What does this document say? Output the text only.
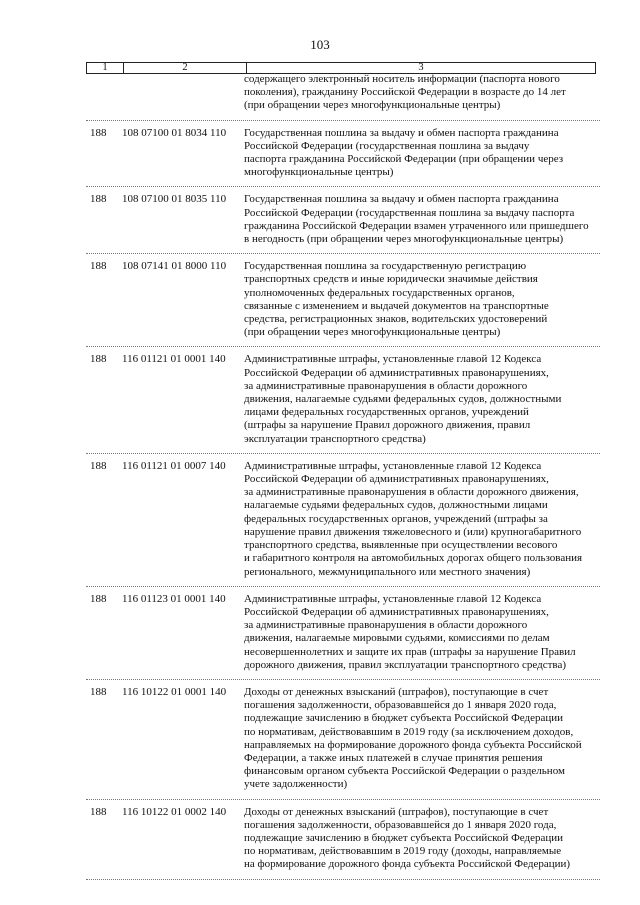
103
1	2	3
содержащего электронный носитель информации (паспорта нового
поколения), гражданину Российской Федерации в возрасте до 14 лет
(при обращении через многофункциональные центры)
188	108 07100 01 8034 110	Государственная пошлина за выдачу и обмен паспорта гражданина
Российской Федерации (государственная пошлина за выдачу
паспорта гражданина Российской Федерации (при обращении через
многофункциональные центры)
188	108 07100 01 8035 110	Государственная пошлина за выдачу и обмен паспорта гражданина
Российской Федерации (государственная пошлина за выдачу паспорта
гражданина Российской Федерации взамен утраченного или пришедшего
в негодность (при обращении через многофункциональные центры)
188	108 07141 01 8000 110	Государственная пошлина за государственную регистрацию
транспортных средств и иные юридически значимые действия
уполномоченных федеральных государственных органов,
связанные с изменением и выдачей документов на транспортные
средства, регистрационных знаков, водительских удостоверений
(при обращении через многофункциональные центры)
188	116 01121 01 0001 140	Административные штрафы, установленные главой 12 Кодекса
Российской Федерации об административных правонарушениях,
за административные правонарушения в области дорожного
движения, налагаемые судьями федеральных судов, должностными
лицами федеральных государственных органов, учреждений
(штрафы за нарушение Правил дорожного движения, правил
эксплуатации транспортного средства)
188	116 01121 01 0007 140	Административные штрафы, установленные главой 12 Кодекса
Российской Федерации об административных правонарушениях,
за административные правонарушения в области дорожного движения,
налагаемые судьями федеральных судов, должностными лицами
федеральных государственных органов, учреждений (штрафы за
нарушение правил движения тяжеловесного и (или) крупногабаритного
транспортного средства, выявленные при осуществлении весового
и габаритного контроля на автомобильных дорогах общего пользования
регионального, межмуниципального или местного значения)
188	116 01123 01 0001 140	Административные штрафы, установленные главой 12 Кодекса
Российской Федерации об административных правонарушениях,
за административные правонарушения в области дорожного
движения, налагаемые мировыми судьями, комиссиями по делам
несовершеннолетних и защите их прав (штрафы за нарушение Правил
дорожного движения, правил эксплуатации транспортного средства)
188	116 10122 01 0001 140	Доходы от денежных взысканий (штрафов), поступающие в счет
погашения задолженности, образовавшейся до 1 января 2020 года,
подлежащие зачислению в бюджет субъекта Российской Федерации
по нормативам, действовавшим в 2019 году (за исключением доходов,
направляемых на формирование дорожного фонда субъекта Российской
Федерации, а также иных платежей в случае принятия решения
финансовым органом субъекта Российской Федерации о раздельном
учете задолженности)
188	116 10122 01 0002 140	Доходы от денежных взысканий (штрафов), поступающие в счет
погашения задолженности, образовавшейся до 1 января 2020 года,
подлежащие зачислению в бюджет субъекта Российской Федерации
по нормативам, действовавшим в 2019 году (доходы, направляемые
на формирование дорожного фонда субъекта Российской Федерации)
